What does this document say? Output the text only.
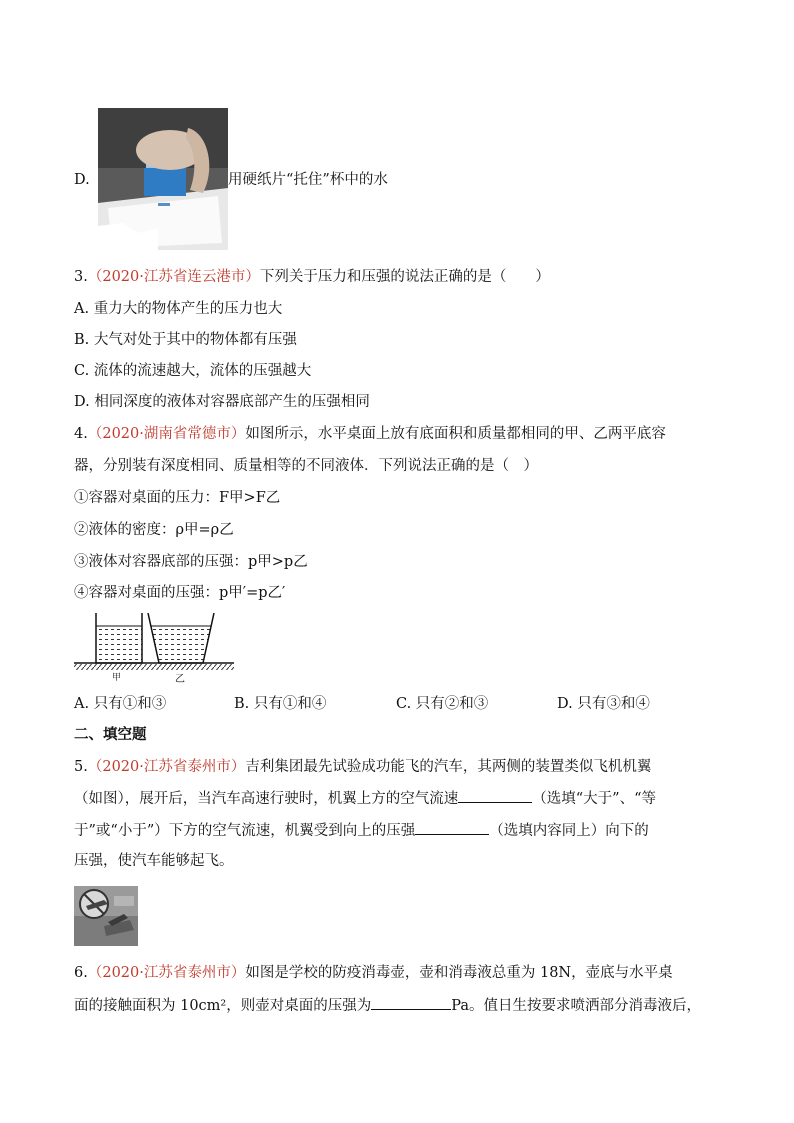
D.	用硬纸片“托住”杯中的水
3.（2020·江苏省连云港市）下列关于压力和压强的说法正确的是（　　）
A. 重力大的物体产生的压力也大
B. 大气对处于其中的物体都有压强
C. 流体的流速越大，流体的压强越大
D. 相同深度的液体对容器底部产生的压强相同
4.（2020·湖南省常德市）如图所示，水平桌面上放有底面积和质量都相同的甲、乙两平底容
器，分别装有深度相同、质量相等的不同液体．下列说法正确的是（　）
①容器对桌面的压力：F甲>F乙
②液体的密度：ρ甲=ρ乙
③液体对容器底部的压强：p甲>p乙
④容器对桌面的压强：p甲′=p乙′
甲	乙
A. 只有①和③	B. 只有①和④	C. 只有②和③	D. 只有③和④
二、填空题
5.（2020·江苏省泰州市）吉利集团最先试验成功能飞的汽车，其两侧的装置类似飞机机翼
（如图），展开后，当汽车高速行驶时，机翼上方的空气流速	（选填“大于”、“等
于”或“小于”）下方的空气流速，机翼受到向上的压强	（选填内容同上）向下的
压强，使汽车能够起飞。
6.（2020·江苏省泰州市）如图是学校的防疫消毒壶，壶和消毒液总重为 18N，壶底与水平桌
面的接触面积为 10cm²，则壶对桌面的压强为	Pa。值日生按要求喷洒部分消毒液后，
